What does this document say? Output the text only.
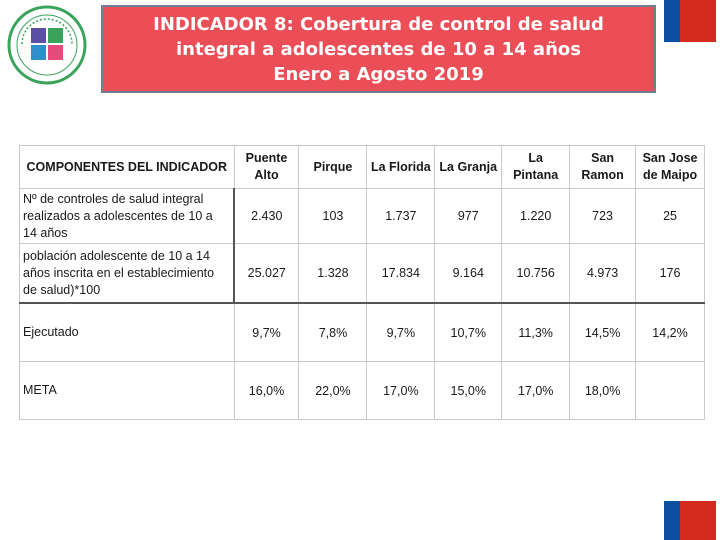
INDICADOR 8: Cobertura de control de salud
integral a adolescentes de 10 a 14 años
Enero a Agosto 2019
COMPONENTES DEL INDICADOR	Puente Alto	Pirque	La Florida	La Granja	La Pintana	San Ramon	San Jose de Maipo
Nº de controles de salud integral realizados a adolescentes de 10 a 14 años	2.430	103	1.737	977	1.220	723	25
población adolescente de 10 a 14 años inscrita en el establecimiento de salud)*100	25.027	1.328	17.834	9.164	10.756	4.973	176
Ejecutado	9,7%	7,8%	9,7%	10,7%	11,3%	14,5%	14,2%
META	16,0%	22,0%	17,0%	15,0%	17,0%	18,0%	
